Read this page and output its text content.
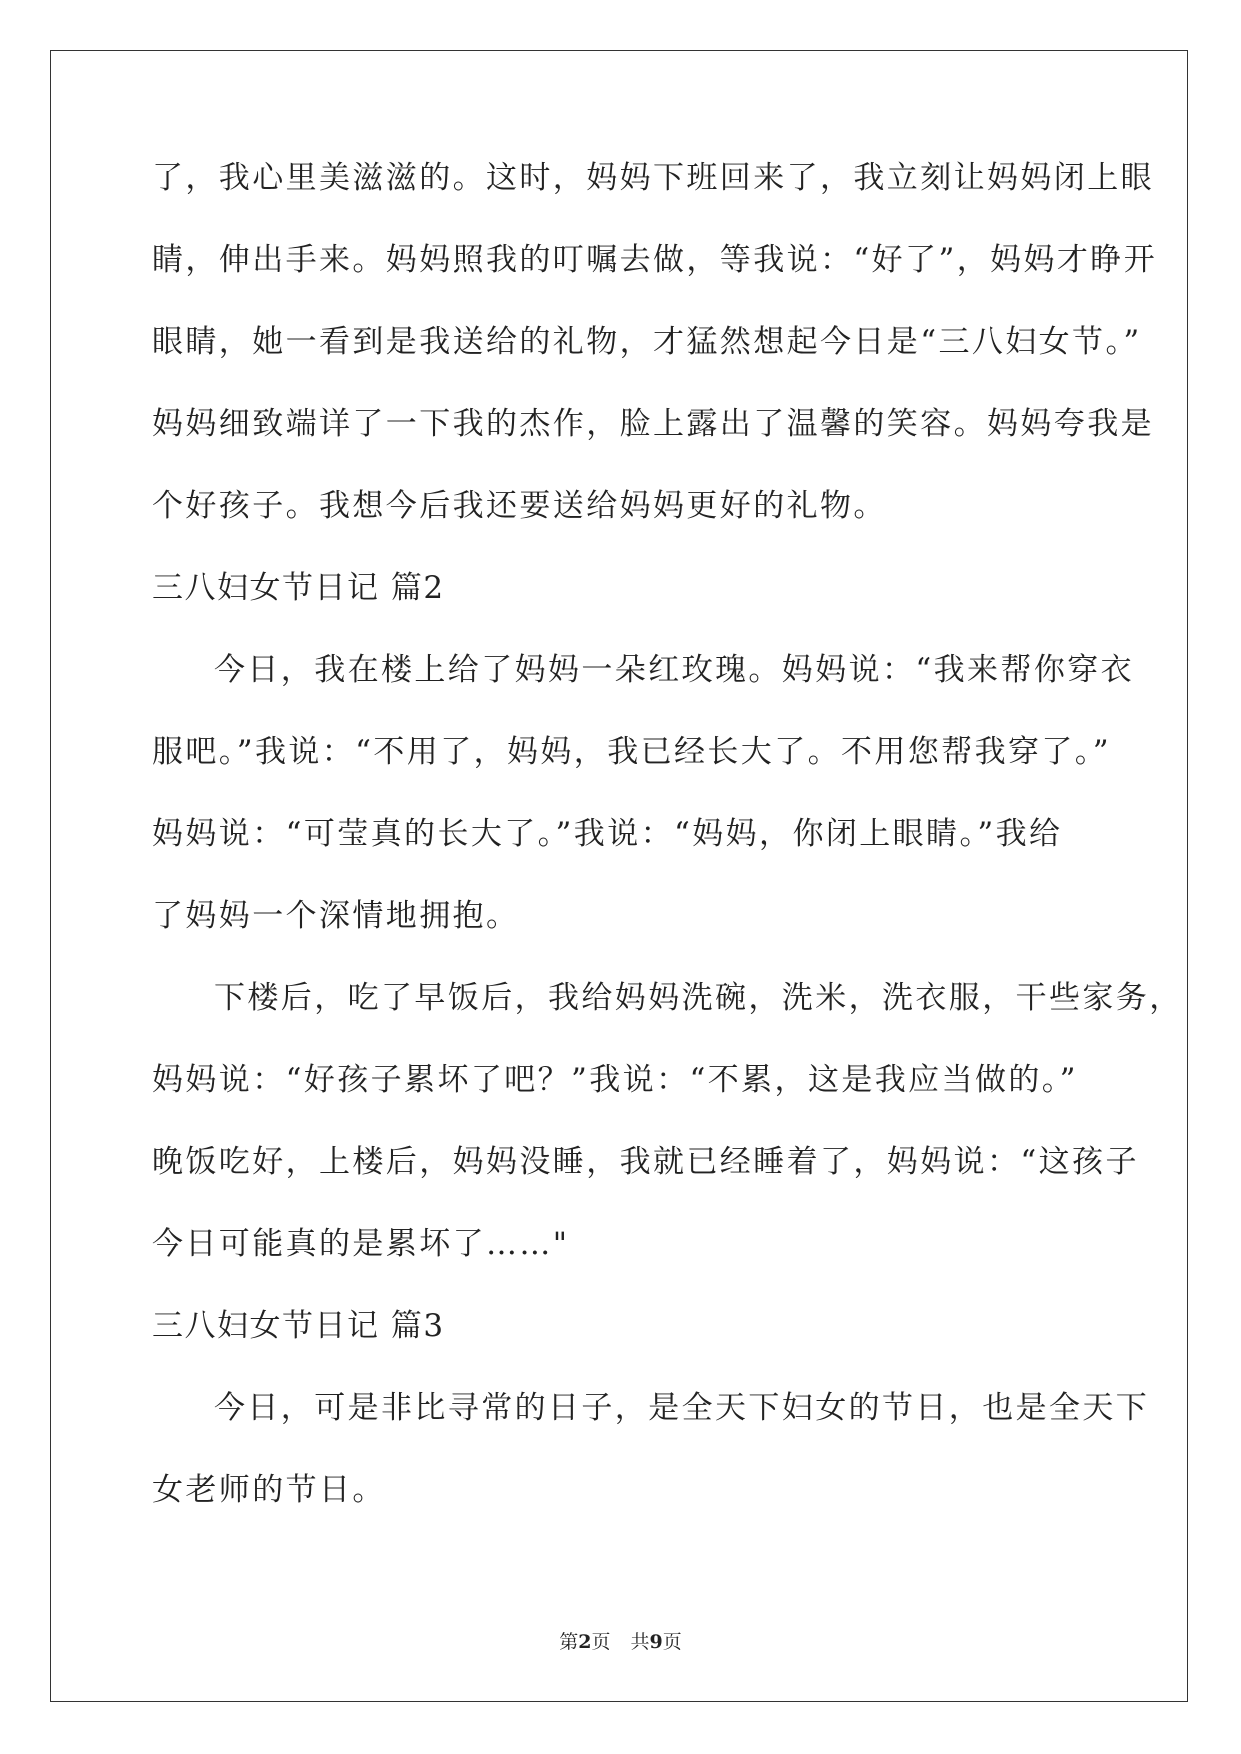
了，我心里美滋滋的。这时，妈妈下班回来了，我立刻让妈妈闭上眼
睛，伸出手来。妈妈照我的叮嘱去做，等我说：“好了”，妈妈才睁开
眼睛，她一看到是我送给的礼物，才猛然想起今日是“三八妇女节。”
妈妈细致端详了一下我的杰作，脸上露出了温馨的笑容。妈妈夸我是
个好孩子。我想今后我还要送给妈妈更好的礼物。
三八妇女节日记 篇2
今日，我在楼上给了妈妈一朵红玫瑰。妈妈说：“我来帮你穿衣
服吧。”我说：“不用了，妈妈，我已经长大了。不用您帮我穿了。”
妈妈说：“可莹真的长大了。”我说：“妈妈，你闭上眼睛。”我给
了妈妈一个深情地拥抱。
下楼后，吃了早饭后，我给妈妈洗碗，洗米，洗衣服，干些家务，
妈妈说：“好孩子累坏了吧？”我说：“不累，这是我应当做的。”
晚饭吃好，上楼后，妈妈没睡，我就已经睡着了，妈妈说：“这孩子
今日可能真的是累坏了……"
三八妇女节日记 篇3
今日，可是非比寻常的日子，是全天下妇女的节日，也是全天下
女老师的节日。
第2页 共9页
